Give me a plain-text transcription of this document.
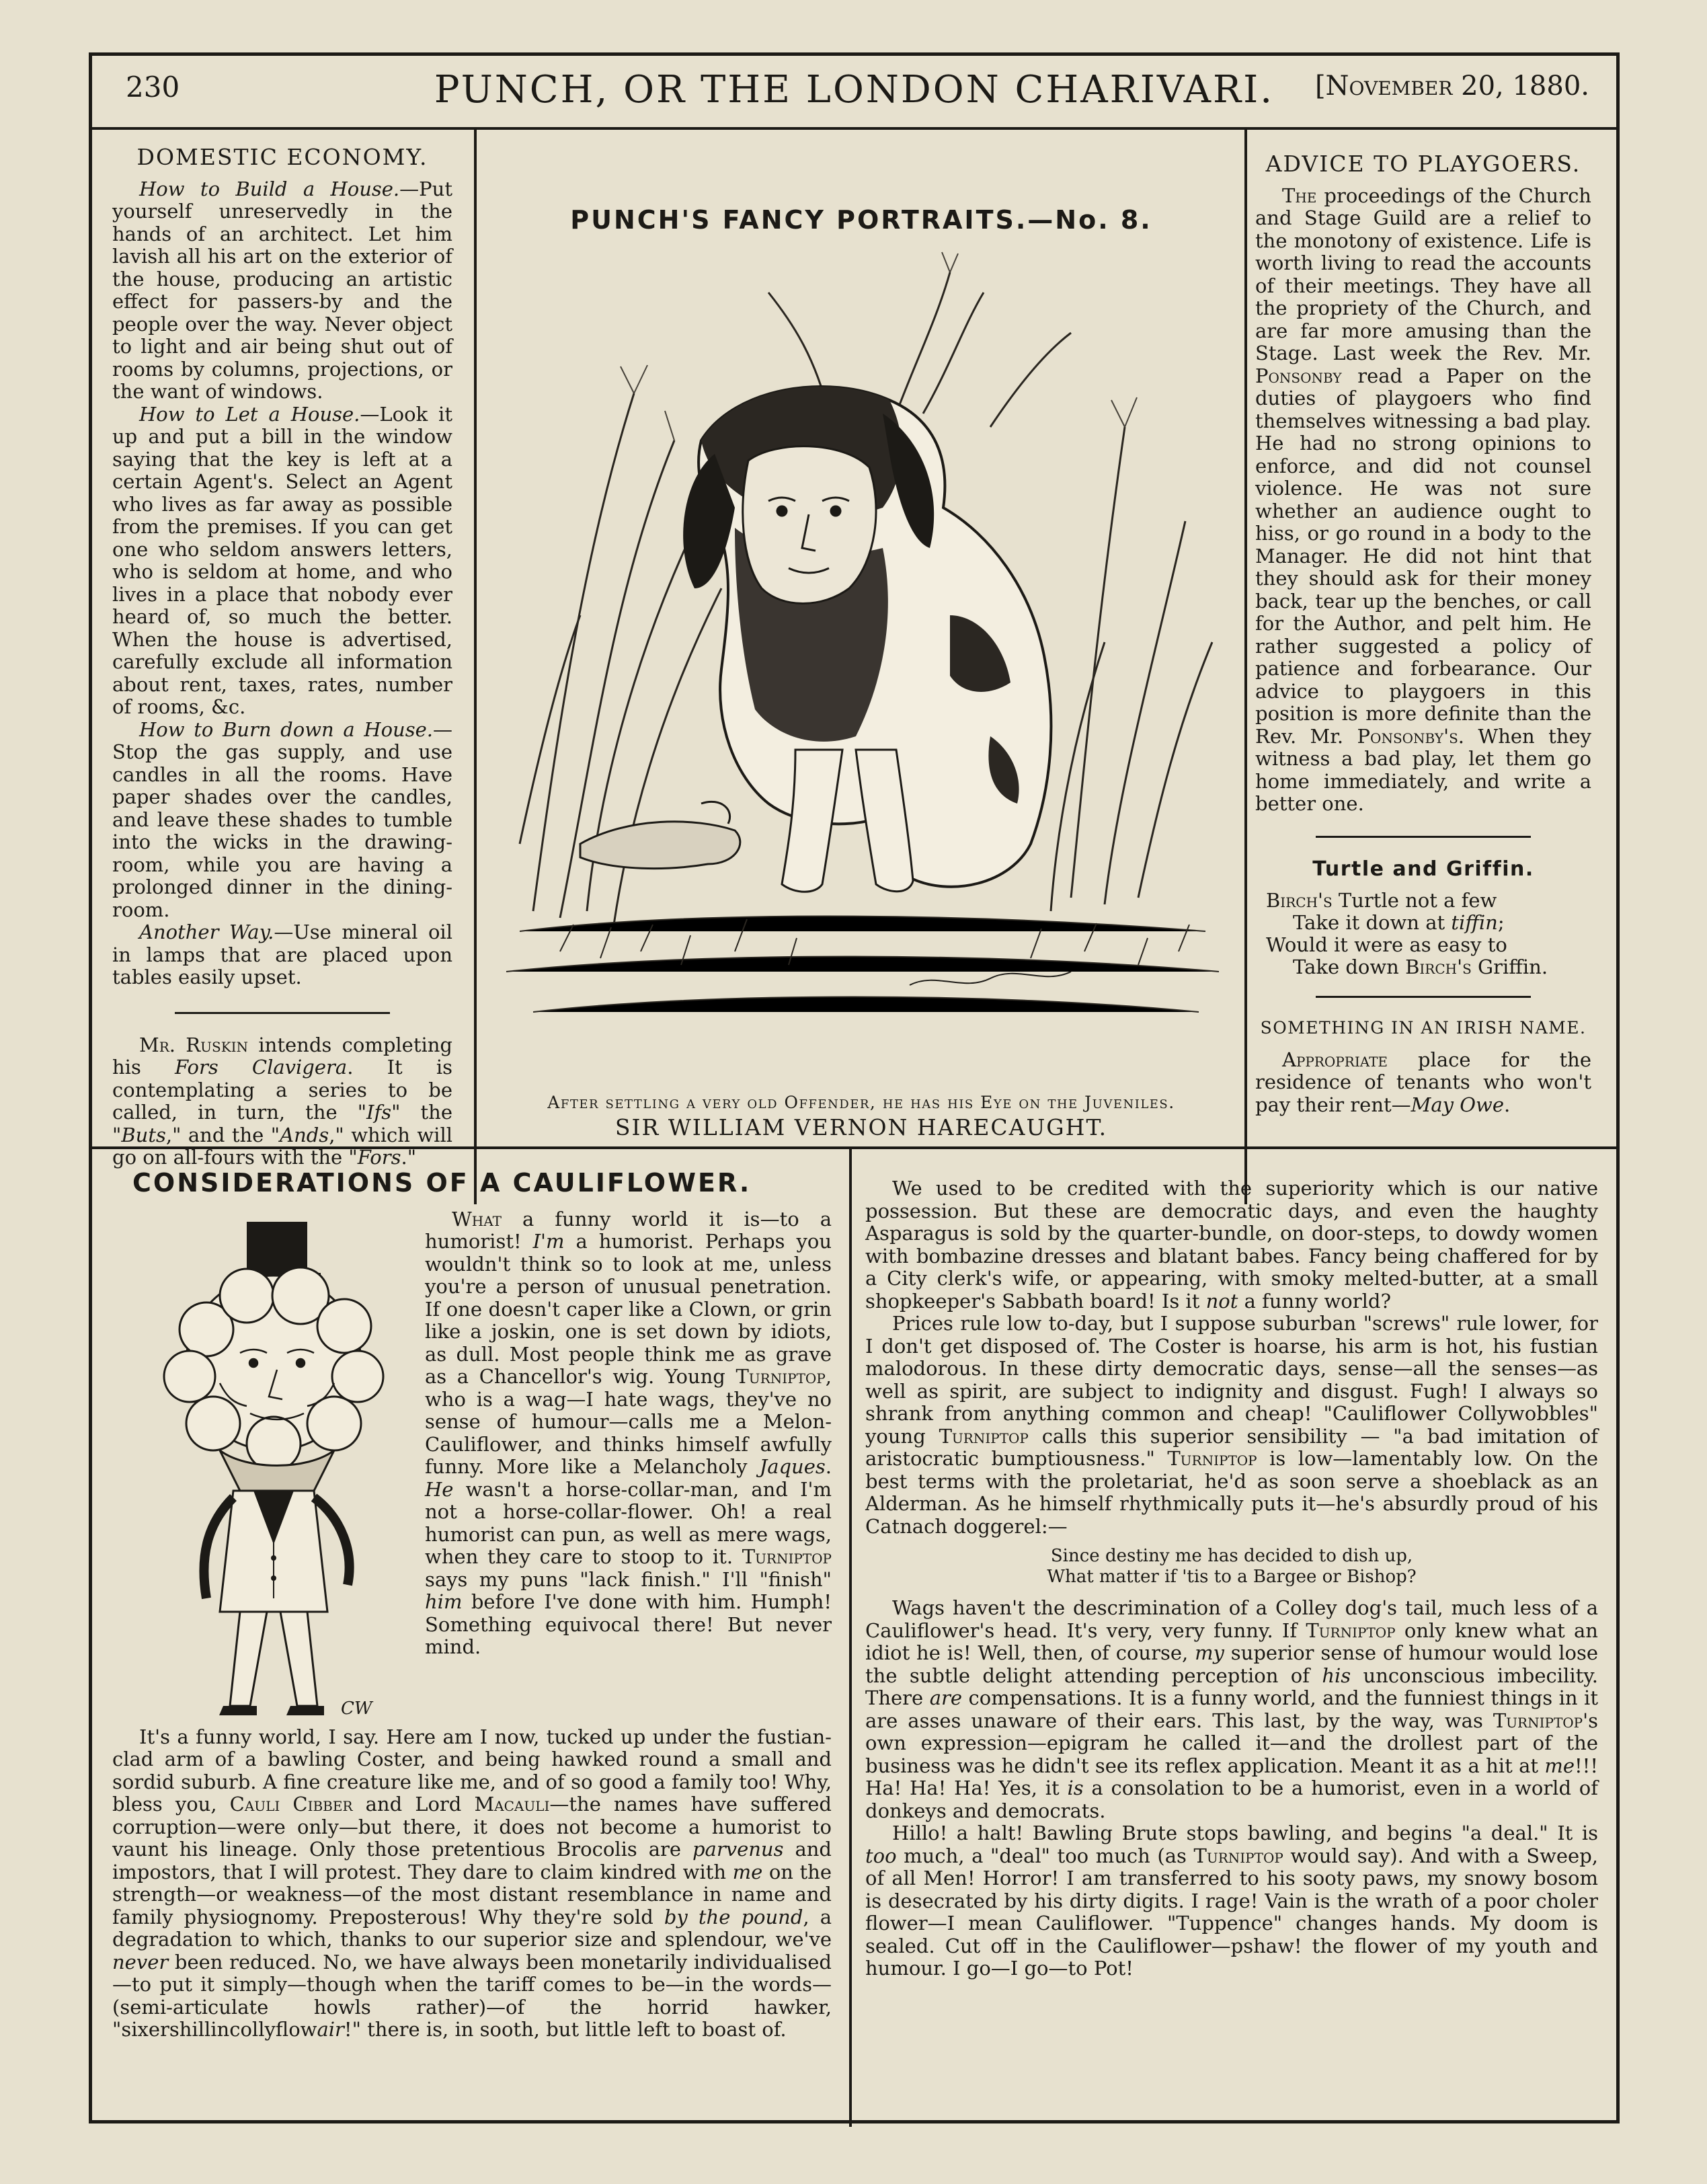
230	PUNCH, OR THE LONDON CHARIVARI.	[November 20, 1880.
DOMESTIC ECONOMY.

How to Build a House.—Put yourself unreservedly in the hands of an architect. Let him lavish all his art on the exterior of the house, producing an artistic effect for passers-by and the people over the way. Never object to light and air being shut out of rooms by columns, projections, or the want of windows.

How to Let a House.—Look it up and put a bill in the window saying that the key is left at a certain Agent's. Select an Agent who lives as far away as possible from the premises. If you can get one who seldom answers letters, who is seldom at home, and who lives in a place that nobody ever heard of, so much the better. When the house is advertised, carefully exclude all information about rent, taxes, rates, number of rooms, &c.

How to Burn down a House.—Stop the gas supply, and use candles in all the rooms. Have paper shades over the candles, and leave these shades to tumble into the wicks in the drawing-room, while you are having a prolonged dinner in the dining-room.

Another Way.—Use mineral oil in lamps that are placed upon tables easily upset.

Mr. Ruskin intends completing his Fors Clavigera. It is contemplating a series to be called, in turn, the "Ifs" the "Buts," and the "Ands," which will go on all-fours with the "Fors."

PUNCH'S FANCY PORTRAITS.—No. 8.
SIR WILLIAM VERNON HARECAUGHT.
After settling a very old Offender, he has his Eye on the Juveniles.
ADVICE TO PLAYGOERS.

The proceedings of the Church and Stage Guild are a relief to the monotony of existence. Life is worth living to read the accounts of their meetings. They have all the propriety of the Church, and are far more amusing than the Stage. Last week the Rev. Mr. Ponsonby read a Paper on the duties of playgoers who find themselves witnessing a bad play. He had no strong opinions to enforce, and did not counsel violence. He was not sure whether an audience ought to hiss, or go round in a body to the Manager. He did not hint that they should ask for their money back, tear up the benches, or call for the Author, and pelt him. He rather suggested a policy of patience and forbearance. Our advice to playgoers in this position is more definite than the Rev. Mr. Ponsonby's. When they witness a bad play, let them go home immediately, and write a better one.

Turtle and Griffin.
Birch's Turtle not a few
Take it down at tiffin;
Would it were as easy to
Take down Birch's Griffin.
SOMETHING IN AN IRISH NAME.

Appropriate place for the residence of tenants who won't pay their rent—May Owe.

CONSIDERATIONS OF A CAULIFLOWER.
CW

What a funny world it is—to a humorist! I'm a humorist. Perhaps you wouldn't think so to look at me, unless you're a person of unusual penetration. If one doesn't caper like a Clown, or grin like a joskin, one is set down by idiots, as dull. Most people think me as grave as a Chancellor's wig. Young Turniptop, who is a wag—I hate wags, they've no sense of humour—calls me a Melon-Cauliflower, and thinks himself awfully funny. More like a Melancholy Jaques. He wasn't a horse-collar-man, and I'm not a horse-collar-flower. Oh! a real humorist can pun, as well as mere wags, when they care to stoop to it. Turniptop says my puns "lack finish." I'll "finish" him before I've done with him. Humph! Something equivocal there! But never mind.

It's a funny world, I say. Here am I now, tucked up under the fustian-clad arm of a bawling Coster, and being hawked round a small and sordid suburb. A fine creature like me, and of so good a family too! Why, bless you, Cauli Cibber and Lord Macauli—the names have suffered corruption—were only—but there, it does not become a humorist to vaunt his lineage. Only those pretentious Brocolis are parvenus and impostors, that I will protest. They dare to claim kindred with me on the strength—or weakness—of the most distant resemblance in name and family physiognomy. Preposterous! Why they're sold by the pound, a degradation to which, thanks to our superior size and splendour, we've never been reduced. No, we have always been monetarily individualised—to put it simply—though when the tariff comes to be—in the words—(semi-articulate howls rather)—of the horrid hawker, "sixershillincollyflowair!" there is, in sooth, but little left to boast of.

We used to be credited with the superiority which is our native possession. But these are democratic days, and even the haughty Asparagus is sold by the quarter-bundle, on door-steps, to dowdy women with bombazine dresses and blatant babes. Fancy being chaffered for by a City clerk's wife, or appearing, with smoky melted-butter, at a small shopkeeper's Sabbath board! Is it not a funny world?

Prices rule low to-day, but I suppose suburban "screws" rule lower, for I don't get disposed of. The Coster is hoarse, his arm is hot, his fustian malodorous. In these dirty democratic days, sense—all the senses—as well as spirit, are subject to indignity and disgust. Fugh! I always so shrank from anything common and cheap! "Cauliflower Collywobbles" young Turniptop calls this superior sensibility — "a bad imitation of aristocratic bumptiousness." Turniptop is low—lamentably low. On the best terms with the proletariat, he'd as soon serve a shoeblack as an Alderman. As he himself rhythmically puts it—he's absurdly proud of his Catnach doggerel:—

Since destiny me has decided to dish up,
What matter if 'tis to a Bargee or Bishop?

Wags haven't the descrimination of a Colley dog's tail, much less of a Cauliflower's head. It's very, very funny. If Turniptop only knew what an idiot he is! Well, then, of course, my superior sense of humour would lose the subtle delight attending perception of his unconscious imbecility. There are compensations. It is a funny world, and the funniest things in it are asses unaware of their ears. This last, by the way, was Turniptop's own expression—epigram he called it—and the drollest part of the business was he didn't see its reflex application. Meant it as a hit at me!!! Ha! Ha! Ha! Yes, it is a consolation to be a humorist, even in a world of donkeys and democrats.

Hillo! a halt! Bawling Brute stops bawling, and begins "a deal." It is too much, a "deal" too much (as Turniptop would say). And with a Sweep, of all Men! Horror! I am transferred to his sooty paws, my snowy bosom is desecrated by his dirty digits. I rage! Vain is the wrath of a poor choler flower—I mean Cauliflower. "Tuppence" changes hands. My doom is sealed. Cut off in the Cauliflower—pshaw! the flower of my youth and humour. I go—I go—to Pot!
